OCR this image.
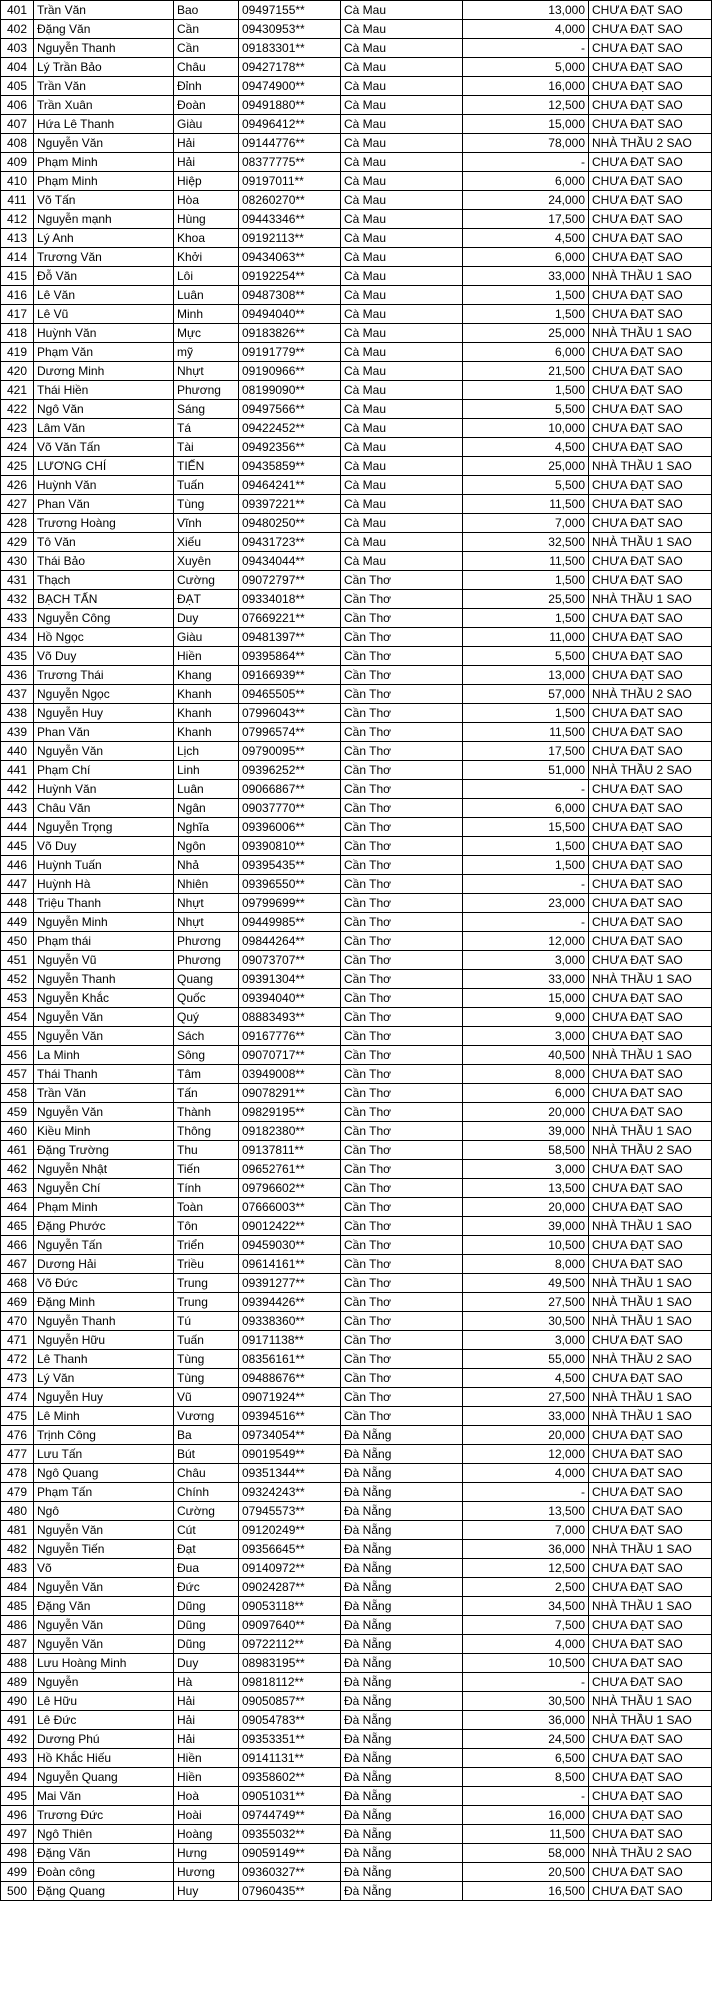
401	Trần Văn	Bao	09497155**	Cà Mau	13,000	CHƯA ĐẠT SAO
402	Đặng Văn	Cần	09430953**	Cà Mau	4,000	CHƯA ĐẠT SAO
403	Nguyễn Thanh	Cần	09183301**	Cà Mau	-	CHƯA ĐẠT SAO
404	Lý Trần Bảo	Châu	09427178**	Cà Mau	5,000	CHƯA ĐẠT SAO
405	Trần Văn	Đỉnh	09474900**	Cà Mau	16,000	CHƯA ĐẠT SAO
406	Trần Xuân	Đoàn	09491880**	Cà Mau	12,500	CHƯA ĐẠT SAO
407	Hứa Lê Thanh	Giàu	09496412**	Cà Mau	15,000	CHƯA ĐẠT SAO
408	Nguyễn Văn	Hải	09144776**	Cà Mau	78,000	NHÀ THẦU 2 SAO
409	Phạm Minh	Hải	08377775**	Cà Mau	-	CHƯA ĐẠT SAO
410	Phạm Minh	Hiệp	09197011**	Cà Mau	6,000	CHƯA ĐẠT SAO
411	Võ Tấn	Hòa	08260270**	Cà Mau	24,000	CHƯA ĐẠT SAO
412	Nguyễn mạnh	Hùng	09443346**	Cà Mau	17,500	CHƯA ĐẠT SAO
413	Lý Anh	Khoa	09192113**	Cà Mau	4,500	CHƯA ĐẠT SAO
414	Trương Văn	Khởi	09434063**	Cà Mau	6,000	CHƯA ĐẠT SAO
415	Đỗ Văn	Lôi	09192254**	Cà Mau	33,000	NHÀ THẦU 1 SAO
416	Lê Văn	Luân	09487308**	Cà Mau	1,500	CHƯA ĐẠT SAO
417	Lê Vũ	Minh	09494040**	Cà Mau	1,500	CHƯA ĐẠT SAO
418	Huỳnh Văn	Mực	09183826**	Cà Mau	25,000	NHÀ THẦU 1 SAO
419	Phạm Văn	mỹ	09191779**	Cà Mau	6,000	CHƯA ĐẠT SAO
420	Dương Minh	Nhựt	09190966**	Cà Mau	21,500	CHƯA ĐẠT SAO
421	Thái Hiền	Phương	08199090**	Cà Mau	1,500	CHƯA ĐẠT SAO
422	Ngô Văn	Sáng	09497566**	Cà Mau	5,500	CHƯA ĐẠT SAO
423	Lâm Văn	Tá	09422452**	Cà Mau	10,000	CHƯA ĐẠT SAO
424	Võ Văn Tấn	Tài	09492356**	Cà Mau	4,500	CHƯA ĐẠT SAO
425	LƯƠNG CHÍ	TIẾN	09435859**	Cà Mau	25,000	NHÀ THẦU 1 SAO
426	Huỳnh Văn	Tuấn	09464241**	Cà Mau	5,500	CHƯA ĐẠT SAO
427	Phan Văn	Tùng	09397221**	Cà Mau	11,500	CHƯA ĐẠT SAO
428	Trương Hoàng	Vĩnh	09480250**	Cà Mau	7,000	CHƯA ĐẠT SAO
429	Tô Văn	Xiếu	09431723**	Cà Mau	32,500	NHÀ THẦU 1 SAO
430	Thái Bảo	Xuyên	09434044**	Cà Mau	11,500	CHƯA ĐẠT SAO
431	Thạch	Cường	09072797**	Cần Thơ	1,500	CHƯA ĐẠT SAO
432	BẠCH TẤN	ĐẠT	09334018**	Cần Thơ	25,500	NHÀ THẦU 1 SAO
433	Nguyễn Công	Duy	07669221**	Cần Thơ	1,500	CHƯA ĐẠT SAO
434	Hồ Ngọc	Giàu	09481397**	Cần Thơ	11,000	CHƯA ĐẠT SAO
435	Võ Duy	Hiền	09395864**	Cần Thơ	5,500	CHƯA ĐẠT SAO
436	Trương Thái	Khang	09166939**	Cần Thơ	13,000	CHƯA ĐẠT SAO
437	Nguyễn Ngọc	Khanh	09465505**	Cần Thơ	57,000	NHÀ THẦU 2 SAO
438	Nguyễn Huy	Khanh	07996043**	Cần Thơ	1,500	CHƯA ĐẠT SAO
439	Phan Văn	Khanh	07996574**	Cần Thơ	11,500	CHƯA ĐẠT SAO
440	Nguyễn Văn	Lịch	09790095**	Cần Thơ	17,500	CHƯA ĐẠT SAO
441	Phạm Chí	Linh	09396252**	Cần Thơ	51,000	NHÀ THẦU 2 SAO
442	Huỳnh Văn	Luân	09066867**	Cần Thơ	-	CHƯA ĐẠT SAO
443	Châu Văn	Ngân	09037770**	Cần Thơ	6,000	CHƯA ĐẠT SAO
444	Nguyễn Trọng	Nghĩa	09396006**	Cần Thơ	15,500	CHƯA ĐẠT SAO
445	Võ Duy	Ngôn	09390810**	Cần Thơ	1,500	CHƯA ĐẠT SAO
446	Huỳnh Tuấn	Nhả	09395435**	Cần Thơ	1,500	CHƯA ĐẠT SAO
447	Huỳnh Hà	Nhiên	09396550**	Cần Thơ	-	CHƯA ĐẠT SAO
448	Triệu Thanh	Nhựt	09799699**	Cần Thơ	23,000	CHƯA ĐẠT SAO
449	Nguyễn Minh	Nhựt	09449985**	Cần Thơ	-	CHƯA ĐẠT SAO
450	Phạm thái	Phương	09844264**	Cần Thơ	12,000	CHƯA ĐẠT SAO
451	Nguyễn Vũ	Phương	09073707**	Cần Thơ	3,000	CHƯA ĐẠT SAO
452	Nguyễn Thanh	Quang	09391304**	Cần Thơ	33,000	NHÀ THẦU 1 SAO
453	Nguyễn Khắc	Quốc	09394040**	Cần Thơ	15,000	CHƯA ĐẠT SAO
454	Nguyễn Văn	Quý	08883493**	Cần Thơ	9,000	CHƯA ĐẠT SAO
455	Nguyễn Văn	Sách	09167776**	Cần Thơ	3,000	CHƯA ĐẠT SAO
456	La Minh	Sông	09070717**	Cần Thơ	40,500	NHÀ THẦU 1 SAO
457	Thái Thanh	Tâm	03949008**	Cần Thơ	8,000	CHƯA ĐẠT SAO
458	Trần Văn	Tấn	09078291**	Cần Thơ	6,000	CHƯA ĐẠT SAO
459	Nguyễn Văn	Thành	09829195**	Cần Thơ	20,000	CHƯA ĐẠT SAO
460	Kiều Minh	Thông	09182380**	Cần Thơ	39,000	NHÀ THẦU 1 SAO
461	Đặng Trường	Thu	09137811**	Cần Thơ	58,500	NHÀ THẦU 2 SAO
462	Nguyễn Nhật	Tiến	09652761**	Cần Thơ	3,000	CHƯA ĐẠT SAO
463	Nguyễn Chí	Tính	09796602**	Cần Thơ	13,500	CHƯA ĐẠT SAO
464	Phạm Minh	Toàn	07666003**	Cần Thơ	20,000	CHƯA ĐẠT SAO
465	Đặng Phước	Tôn	09012422**	Cần Thơ	39,000	NHÀ THẦU 1 SAO
466	Nguyễn Tấn	Triển	09459030**	Cần Thơ	10,500	CHƯA ĐẠT SAO
467	Dương Hải	Triều	09614161**	Cần Thơ	8,000	CHƯA ĐẠT SAO
468	Võ Đức	Trung	09391277**	Cần Thơ	49,500	NHÀ THẦU 1 SAO
469	Đặng Minh	Trung	09394426**	Cần Thơ	27,500	NHÀ THẦU 1 SAO
470	Nguyễn Thanh	Tú	09338360**	Cần Thơ	30,500	NHÀ THẦU 1 SAO
471	Nguyễn Hữu	Tuấn	09171138**	Cần Thơ	3,000	CHƯA ĐẠT SAO
472	Lê Thanh	Tùng	08356161**	Cần Thơ	55,000	NHÀ THẦU 2 SAO
473	Lý Văn	Tùng	09488676**	Cần Thơ	4,500	CHƯA ĐẠT SAO
474	Nguyễn Huy	Vũ	09071924**	Cần Thơ	27,500	NHÀ THẦU 1 SAO
475	Lê Minh	Vương	09394516**	Cần Thơ	33,000	NHÀ THẦU 1 SAO
476	Trịnh Công	Ba	09734054**	Đà Nẵng	20,000	CHƯA ĐẠT SAO
477	Lưu Tấn	Bút	09019549**	Đà Nẵng	12,000	CHƯA ĐẠT SAO
478	Ngô Quang	Châu	09351344**	Đà Nẵng	4,000	CHƯA ĐẠT SAO
479	Phạm Tấn	Chính	09324243**	Đà Nẵng	-	CHƯA ĐẠT SAO
480	Ngô	Cường	07945573**	Đà Nẵng	13,500	CHƯA ĐẠT SAO
481	Nguyễn Văn	Cút	09120249**	Đà Nẵng	7,000	CHƯA ĐẠT SAO
482	Nguyễn Tiến	Đạt	09356645**	Đà Nẵng	36,000	NHÀ THẦU 1 SAO
483	Võ	Đua	09140972**	Đà Nẵng	12,500	CHƯA ĐẠT SAO
484	Nguyễn Văn	Đức	09024287**	Đà Nẵng	2,500	CHƯA ĐẠT SAO
485	Đặng Văn	Dũng	09053118**	Đà Nẵng	34,500	NHÀ THẦU 1 SAO
486	Nguyễn Văn	Dũng	09097640**	Đà Nẵng	7,500	CHƯA ĐẠT SAO
487	Nguyễn Văn	Dũng	09722112**	Đà Nẵng	4,000	CHƯA ĐẠT SAO
488	Lưu Hoàng Minh	Duy	08983195**	Đà Nẵng	10,500	CHƯA ĐẠT SAO
489	Nguyễn	Hà	09818112**	Đà Nẵng	-	CHƯA ĐẠT SAO
490	Lê Hữu	Hải	09050857**	Đà Nẵng	30,500	NHÀ THẦU 1 SAO
491	Lê Đức	Hải	09054783**	Đà Nẵng	36,000	NHÀ THẦU 1 SAO
492	Dương Phú	Hải	09353351**	Đà Nẵng	24,500	CHƯA ĐẠT SAO
493	Hồ Khắc Hiếu	Hiền	09141131**	Đà Nẵng	6,500	CHƯA ĐẠT SAO
494	Nguyễn Quang	Hiền	09358602**	Đà Nẵng	8,500	CHƯA ĐẠT SAO
495	Mai Văn	Hoà	09051031**	Đà Nẵng	-	CHƯA ĐẠT SAO
496	Trương Đức	Hoài	09744749**	Đà Nẵng	16,000	CHƯA ĐẠT SAO
497	Ngô Thiên	Hoàng	09355032**	Đà Nẵng	11,500	CHƯA ĐẠT SAO
498	Đặng Văn	Hưng	09059149**	Đà Nẵng	58,000	NHÀ THẦU 2 SAO
499	Đoàn công	Hương	09360327**	Đà Nẵng	20,500	CHƯA ĐẠT SAO
500	Đặng Quang	Huy	07960435**	Đà Nẵng	16,500	CHƯA ĐẠT SAO
